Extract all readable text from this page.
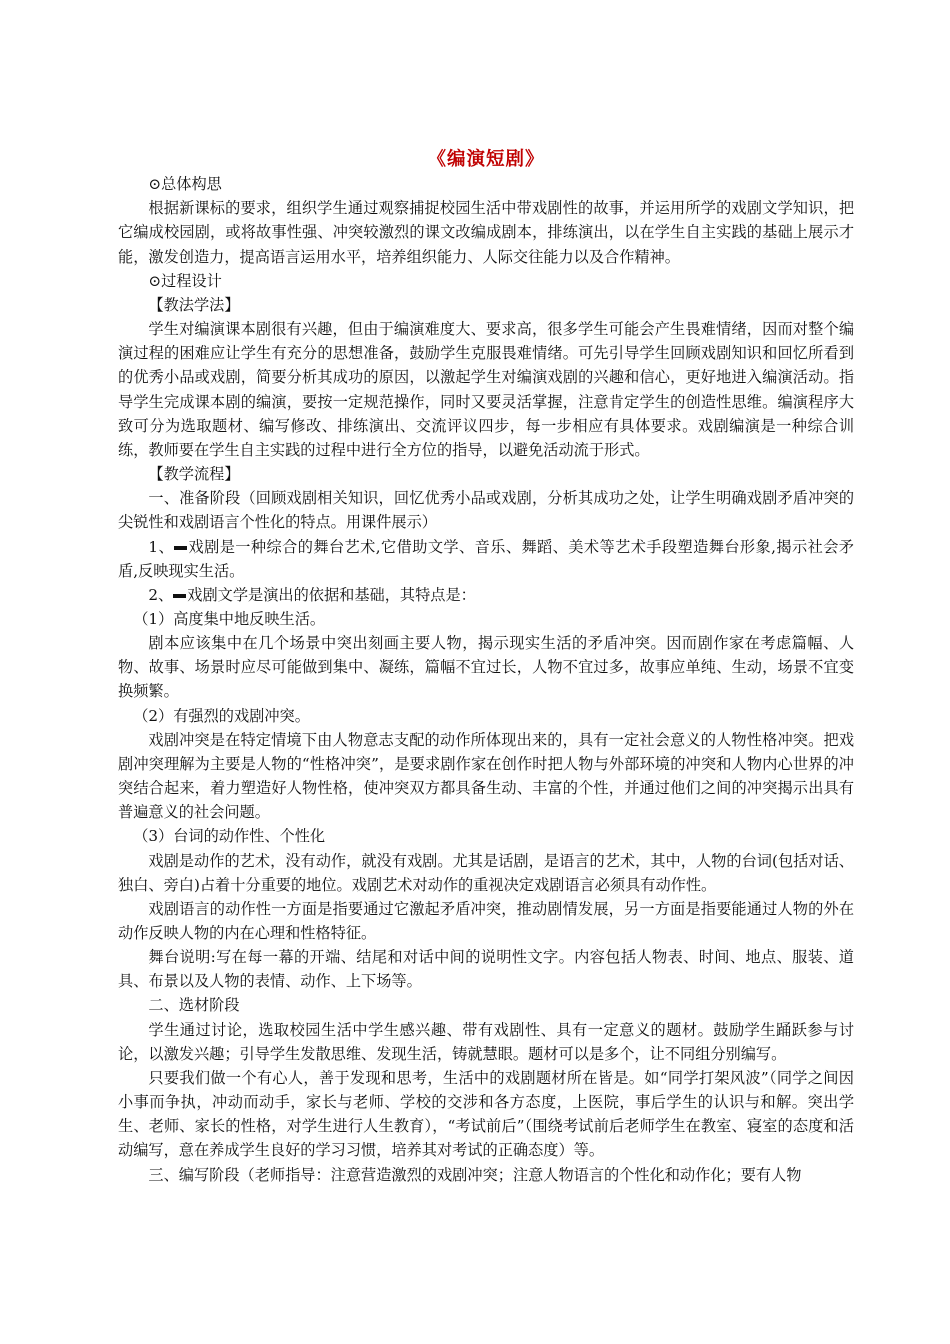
《编演短剧》

⊙总体构思

根据新课标的要求，组织学生通过观察捕捉校园生活中带戏剧性的故事，并运用所学的戏剧文学知识，把它编成校园剧，或将故事性强、冲突较激烈的课文改编成剧本，排练演出，以在学生自主实践的基础上展示才能，激发创造力，提高语言运用水平，培养组织能力、人际交往能力以及合作精神。

⊙过程设计

【教法学法】

学生对编演课本剧很有兴趣，但由于编演难度大、要求高，很多学生可能会产生畏难情绪，因而对整个编演过程的困难应让学生有充分的思想准备，鼓励学生克服畏难情绪。可先引导学生回顾戏剧知识和回忆所看到的优秀小品或戏剧，简要分析其成功的原因，以激起学生对编演戏剧的兴趣和信心，更好地进入编演活动。指导学生完成课本剧的编演，要按一定规范操作，同时又要灵活掌握，注意肯定学生的创造性思维。编演程序大致可分为选取题材、编写修改、排练演出、交流评议四步，每一步相应有具体要求。戏剧编演是一种综合训练，教师要在学生自主实践的过程中进行全方位的指导，以避免活动流于形式。

【教学流程】

一、准备阶段（回顾戏剧相关知识，回忆优秀小品或戏剧，分析其成功之处，让学生明确戏剧矛盾冲突的尖锐性和戏剧语言个性化的特点。用课件展示）

1、 戏剧是一种综合的舞台艺术,它借助文学、音乐、舞蹈、美术等艺术手段塑造舞台形象,揭示社会矛盾,反映现实生活。

2、 戏剧文学是演出的依据和基础，其特点是：

（1）高度集中地反映生活。

剧本应该集中在几个场景中突出刻画主要人物，揭示现实生活的矛盾冲突。因而剧作家在考虑篇幅、人物、故事、场景时应尽可能做到集中、凝练，篇幅不宜过长，人物不宜过多，故事应单纯、生动，场景不宜变换频繁。

（2）有强烈的戏剧冲突。

戏剧冲突是在特定情境下由人物意志支配的动作所体现出来的，具有一定社会意义的人物性格冲突。把戏剧冲突理解为主要是人物的“性格冲突”，是要求剧作家在创作时把人物与外部环境的冲突和人物内心世界的冲突结合起来，着力塑造好人物性格，使冲突双方都具备生动、丰富的个性，并通过他们之间的冲突揭示出具有普遍意义的社会问题。

（3）台词的动作性、个性化

戏剧是动作的艺术，没有动作，就没有戏剧。尤其是话剧，是语言的艺术，其中，人物的台词(包括对话、独白、旁白)占着十分重要的地位。戏剧艺术对动作的重视决定戏剧语言必须具有动作性。

戏剧语言的动作性一方面是指要通过它激起矛盾冲突，推动剧情发展，另一方面是指要能通过人物的外在动作反映人物的内在心理和性格特征。

舞台说明:写在每一幕的开端、结尾和对话中间的说明性文字。内容包括人物表、时间、地点、服装、道具、布景以及人物的表情、动作、上下场等。

二、选材阶段

学生通过讨论，选取校园生活中学生感兴趣、带有戏剧性、具有一定意义的题材。鼓励学生踊跃参与讨论，以激发兴趣；引导学生发散思维、发现生活，铸就慧眼。题材可以是多个，让不同组分别编写。

只要我们做一个有心人，善于发现和思考，生活中的戏剧题材所在皆是。如“同学打架风波”（同学之间因小事而争执，冲动而动手，家长与老师、学校的交涉和各方态度，上医院，事后学生的认识与和解。突出学生、老师、家长的性格，对学生进行人生教育），“考试前后”（围绕考试前后老师学生在教室、寝室的态度和活动编写，意在养成学生良好的学习习惯，培养其对考试的正确态度）等。

三、编写阶段（老师指导：注意营造激烈的戏剧冲突；注意人物语言的个性化和动作化；要有人物
